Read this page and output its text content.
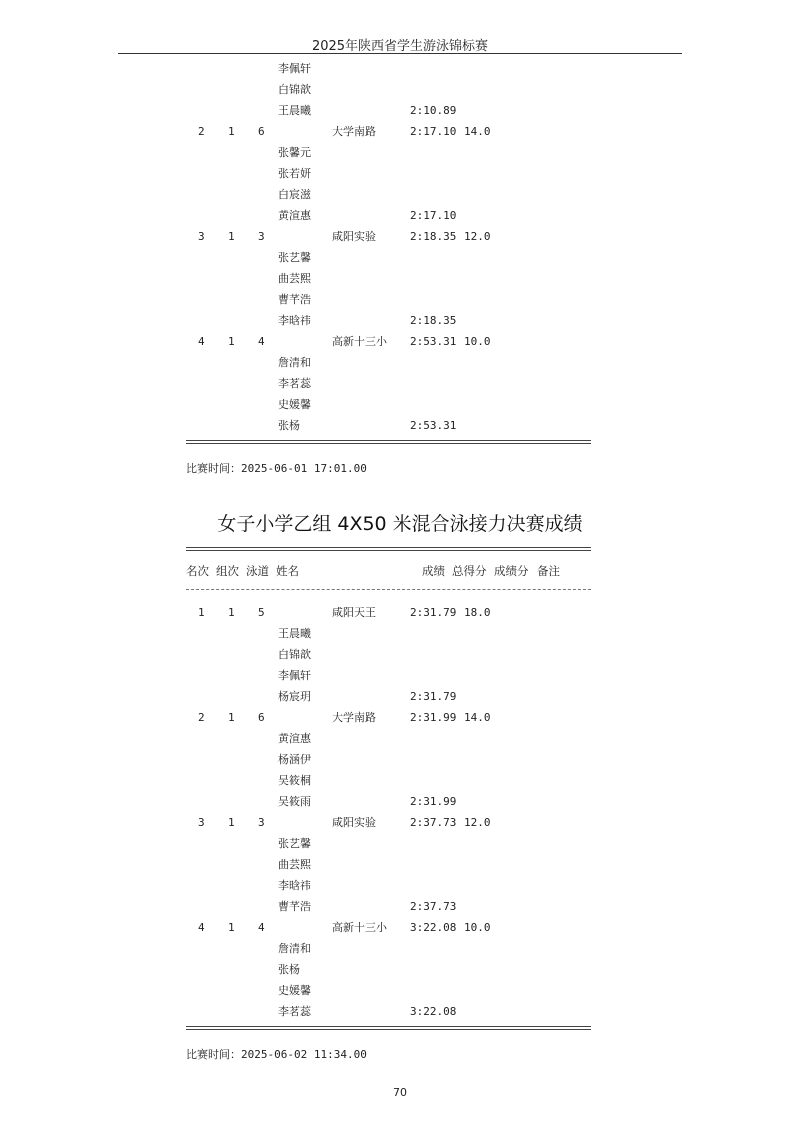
2025年陕西省学生游泳锦标赛
李佩轩
白锦歆
王晨曦	2:10.89
2 1 6	大学南路	2:17.10 14.0
张馨元
张若妍
白宸滋
黄渲惠	2:17.10
3 1 3	咸阳实验	2:18.35 12.0
张艺馨
曲芸熙
曹芊浩
李晗祎	2:18.35
4 1 4	高新十三小 2:53.31 10.0
詹清和
李茗蕊
史媛馨
张杨	2:53.31
比赛时间：2025-06-01 17:01.00
女子小学乙组 4X50 米混合泳接力决赛成绩
名次 组次 泳道 姓名	成绩 总得分 成绩分 备注
1 1 5	咸阳天王	2:31.79 18.0
王晨曦
白锦歆
李佩轩
杨宸玥	2:31.79
2 1 6	大学南路	2:31.99 14.0
黄渲惠
杨涵伊
吴筱桐
吴筱雨	2:31.99
3 1 3	咸阳实验	2:37.73 12.0
张艺馨
曲芸熙
李晗祎
曹芊浩	2:37.73
4 1 4	高新十三小 3:22.08 10.0
詹清和
张杨
史媛馨
李茗蕊	3:22.08
比赛时间：2025-06-02 11:34.00
70
